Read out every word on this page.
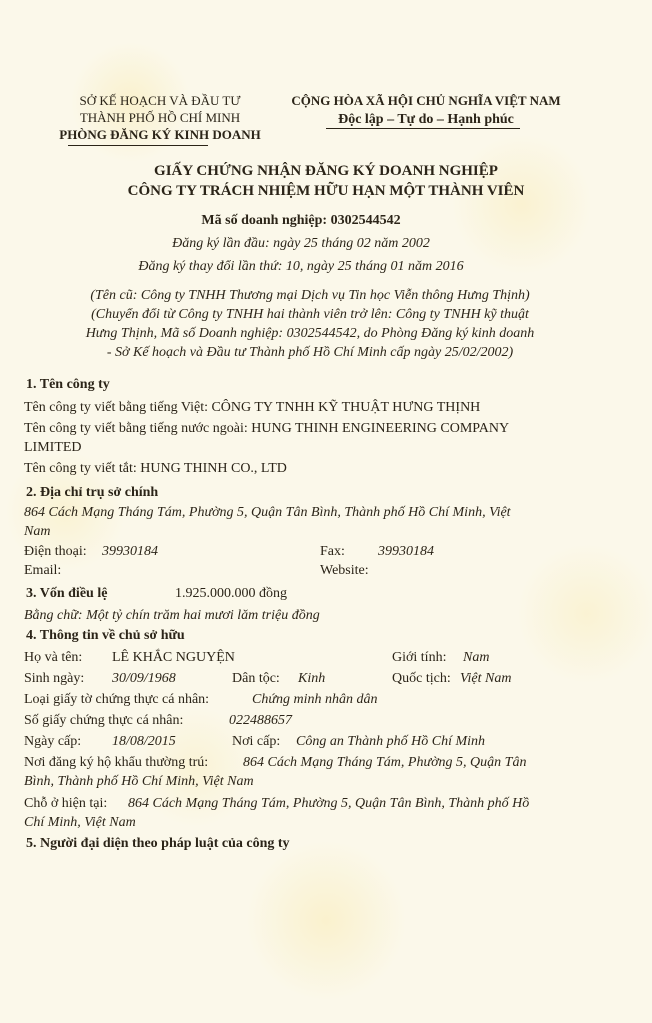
SỞ KẾ HOẠCH VÀ ĐẦU TƯ
THÀNH PHỐ HỒ CHÍ MINH
PHÒNG ĐĂNG KÝ KINH DOANH
CỘNG HÒA XÃ HỘI CHỦ NGHĨA VIỆT NAM
Độc lập – Tự do – Hạnh phúc
GIẤY CHỨNG NHẬN ĐĂNG KÝ DOANH NGHIỆP
CÔNG TY TRÁCH NHIỆM HỮU HẠN MỘT THÀNH VIÊN
Mã số doanh nghiệp: 0302544542
Đăng ký lần đầu: ngày 25 tháng 02 năm 2002
Đăng ký thay đổi lần thứ: 10, ngày 25 tháng 01 năm 2016
(Tên cũ: Công ty TNHH Thương mại Dịch vụ Tin học Viễn thông Hưng Thịnh)
(Chuyển đổi từ Công ty TNHH hai thành viên trở lên: Công ty TNHH kỹ thuật
Hưng Thịnh, Mã số Doanh nghiệp: 0302544542, do Phòng Đăng ký kinh doanh
- Sở Kế hoạch và Đầu tư Thành phố Hồ Chí Minh cấp ngày 25/02/2002)
1. Tên công ty
Tên công ty viết bằng tiếng Việt: CÔNG TY TNHH KỸ THUẬT HƯNG THỊNH
Tên công ty viết bằng tiếng nước ngoài: HUNG THINH ENGINEERING COMPANY
LIMITED
Tên công ty viết tắt: HUNG THINH CO., LTD
2. Địa chỉ trụ sở chính
864 Cách Mạng Tháng Tám, Phường 5, Quận Tân Bình, Thành phố Hồ Chí Minh, Việt
Nam
Điện thoại: 39930184	Fax: 39930184
Email:	Website:
3. Vốn điều lệ	1.925.000.000 đồng
Bằng chữ: Một tỷ chín trăm hai mươi lăm triệu đồng
4. Thông tin về chủ sở hữu
Họ và tên: LÊ KHẮC NGUYỆN	Giới tính: Nam
Sinh ngày: 30/09/1968	Dân tộc: Kinh	Quốc tịch: Việt Nam
Loại giấy tờ chứng thực cá nhân:	Chứng minh nhân dân
Số giấy chứng thực cá nhân:	022488657
Ngày cấp: 18/08/2015	Nơi cấp: Công an Thành phố Hồ Chí Minh
Nơi đăng ký hộ khẩu thường trú: 864 Cách Mạng Tháng Tám, Phường 5, Quận Tân
Bình, Thành phố Hồ Chí Minh, Việt Nam
Chỗ ở hiện tại: 864 Cách Mạng Tháng Tám, Phường 5, Quận Tân Bình, Thành phố Hồ
Chí Minh, Việt Nam
5. Người đại diện theo pháp luật của công ty
